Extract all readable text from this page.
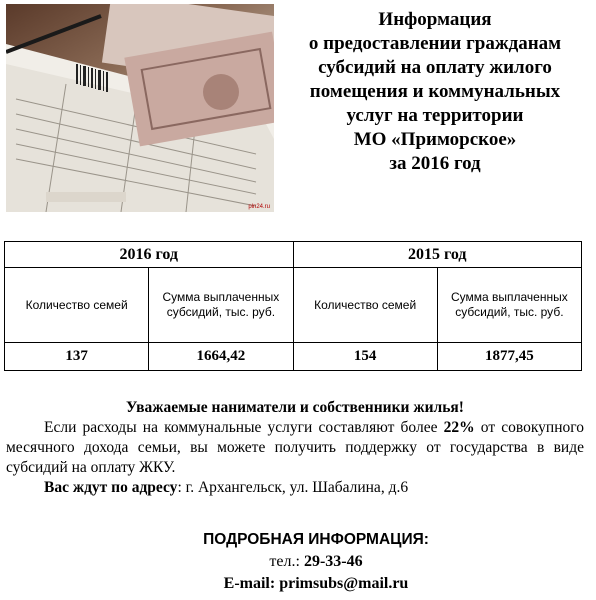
pln24.ru
Информация
о предоставлении гражданам
субсидий на оплату жилого
помещения и коммунальных
услуг на территории
МО «Приморское»
за 2016 год
2016 год		2015 год	
Количество семей	Сумма выплаченных субсидий, тыс. руб.	Количество семей	Сумма выплаченных субсидий, тыс. руб.
137	1664,42	154	1877,45
Уважаемые наниматели и собственники жилья!
Если расходы на коммунальные услуги составляют более 22% от совокупного месячного дохода семьи, вы можете получить поддержку от государства в виде субсидий на оплату ЖКУ.
Вас ждут по адресу: г. Архангельск, ул. Шабалина, д.6
ПОДРОБНАЯ ИНФОРМАЦИЯ:
тел.: 29-33-46
E-mail: primsubs@mail.ru
